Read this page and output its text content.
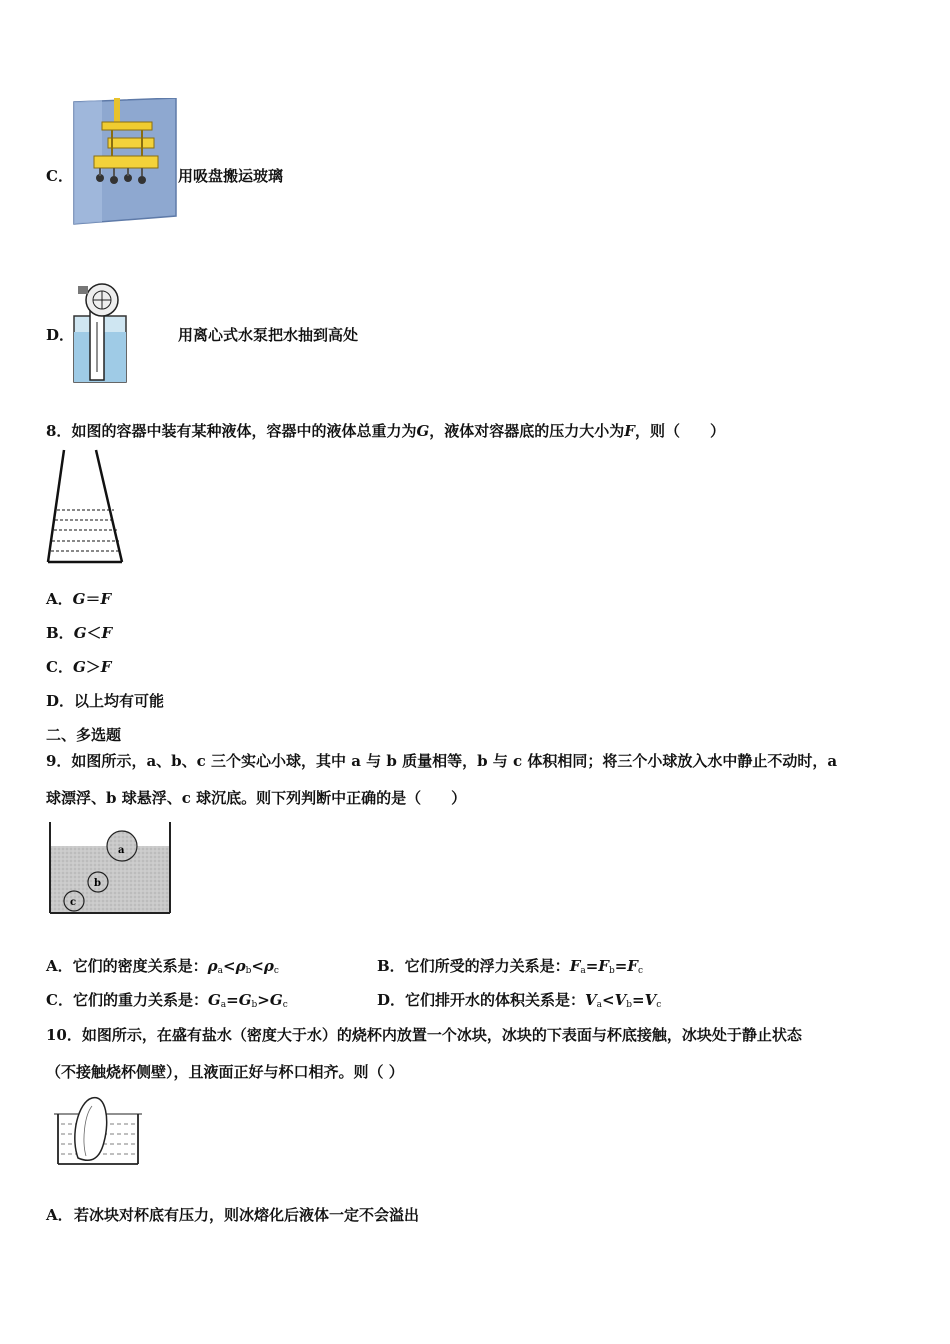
C．	用吸盘搬运玻璃
D．	用离心式水泵把水抽到高处
8．如图的容器中装有某种液体，容器中的液体总重力为G，液体对容器底的压力大小为F，则（　　）
A．G＝F
B．G＜F
C．G＞F
D．以上均有可能
二、多选题
9．如图所示，a、b、c 三个实心小球，其中 a 与 b 质量相等，b 与 c 体积相同；将三个小球放入水中静止不动时，a
球漂浮、b 球悬浮、c 球沉底。则下列判断中正确的是（　　）
a
b
c
A．它们的密度关系是：$\rho_a<\rho_b<\rho_c$	B．它们所受的浮力关系是：$F_a=F_b=F_c$
C．它们的重力关系是：$G_a=G_b>G_c$	D．它们排开水的体积关系是：$V_a<V_b=V_c$
10．如图所示，在盛有盐水（密度大于水）的烧杯内放置一个冰块，冰块的下表面与杯底接触，冰块处于静止状态
（不接触烧杯侧壁），且液面正好与杯口相齐。则（ ）
A． 若冰块对杯底有压力，则冰熔化后液体一定不会溢出
